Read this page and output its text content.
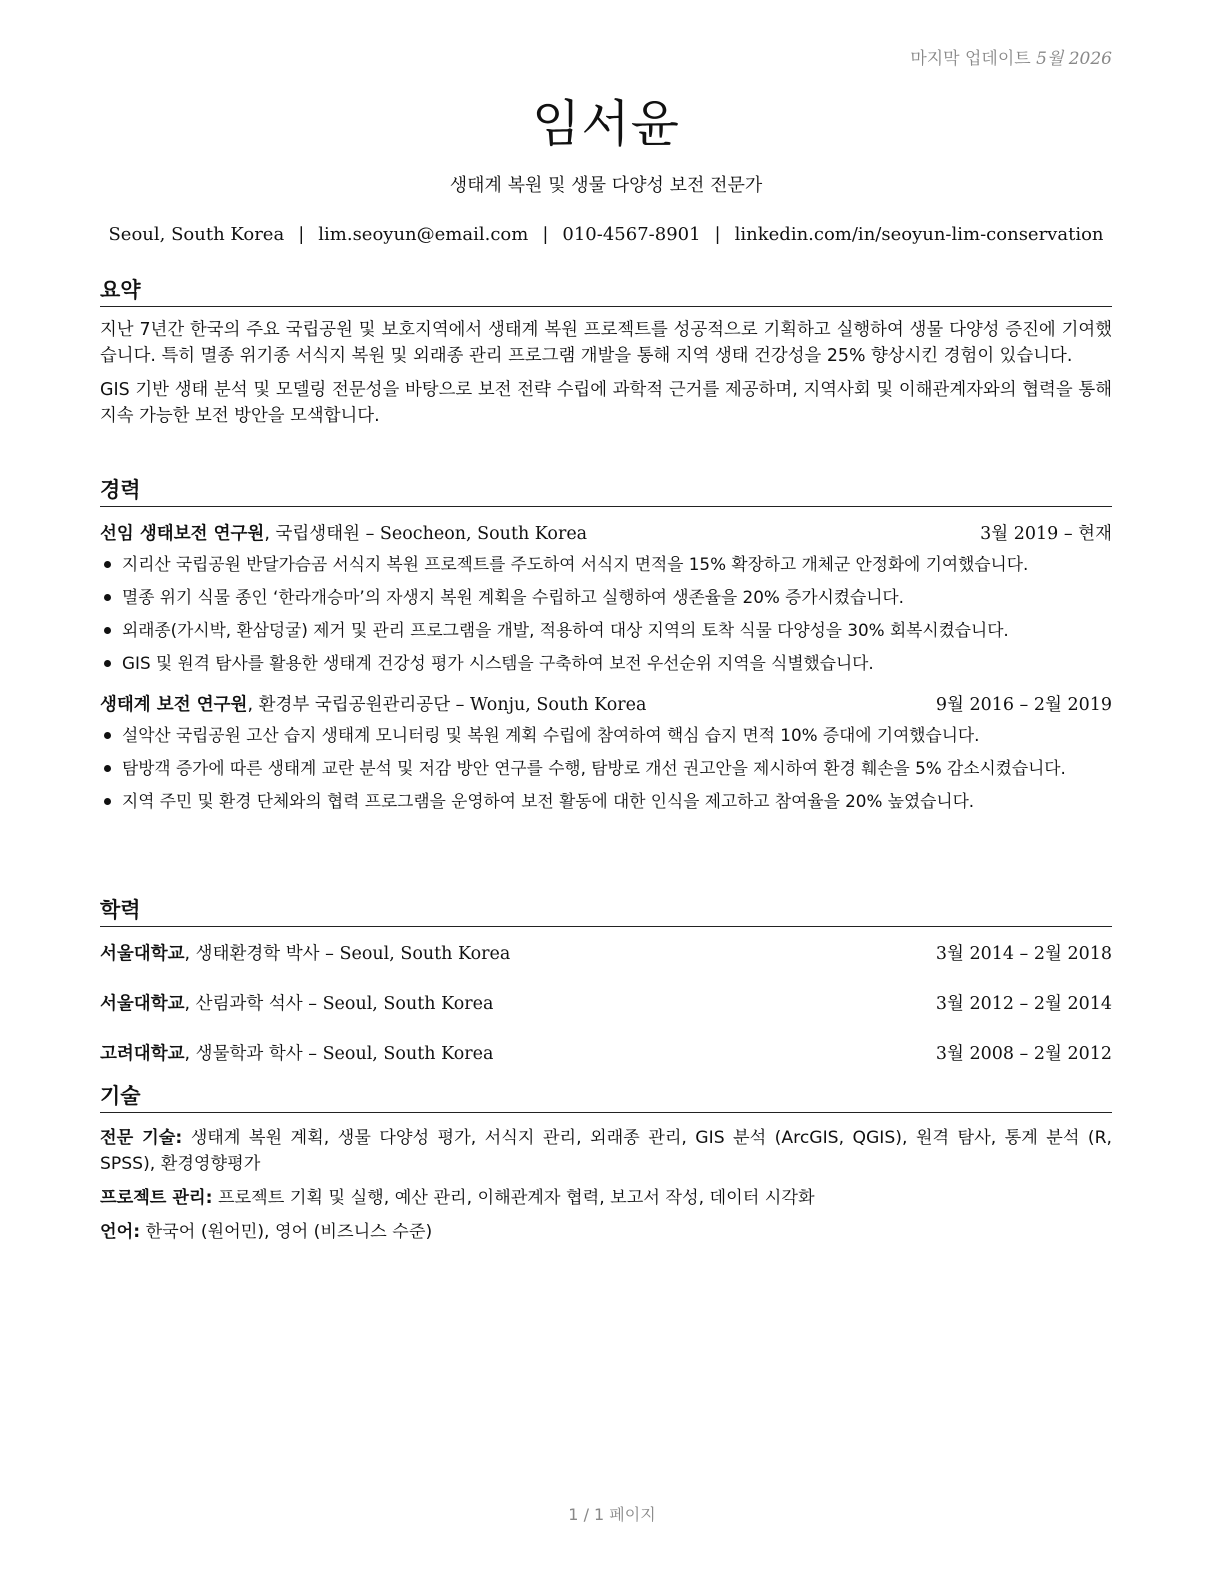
마지막 업데이트 5월 2026
임서윤
생태계 복원 및 생물 다양성 보전 전문가
Seoul, South Korea | lim.seoyun@email.com | 010-4567-8901 | linkedin.com/in/seoyun-lim-conservation
요약
지난 7년간 한국의 주요 국립공원 및 보호지역에서 생태계 복원 프로젝트를 성공적으로 기획하고 실행하여 생물 다양성 증진에 기여했습니다. 특히 멸종 위기종 서식지 복원 및 외래종 관리 프로그램 개발을 통해 지역 생태 건강성을 25% 향상시킨 경험이 있습니다.
GIS 기반 생태 분석 및 모델링 전문성을 바탕으로 보전 전략 수립에 과학적 근거를 제공하며, 지역사회 및 이해관계자와의 협력을 통해 지속 가능한 보전 방안을 모색합니다.
경력
선임 생태보전 연구원, 국립생태원 – Seocheon, South Korea	3월 2019 – 현재
지리산 국립공원 반달가슴곰 서식지 복원 프로젝트를 주도하여 서식지 면적을 15% 확장하고 개체군 안정화에 기여했습니다.
멸종 위기 식물 종인 ‘한라개승마’의 자생지 복원 계획을 수립하고 실행하여 생존율을 20% 증가시켰습니다.
외래종(가시박, 환삼덩굴) 제거 및 관리 프로그램을 개발, 적용하여 대상 지역의 토착 식물 다양성을 30% 회복시켰습니다.
GIS 및 원격 탐사를 활용한 생태계 건강성 평가 시스템을 구축하여 보전 우선순위 지역을 식별했습니다.
생태계 보전 연구원, 환경부 국립공원관리공단 – Wonju, South Korea	9월 2016 – 2월 2019
설악산 국립공원 고산 습지 생태계 모니터링 및 복원 계획 수립에 참여하여 핵심 습지 면적 10% 증대에 기여했습니다.
탐방객 증가에 따른 생태계 교란 분석 및 저감 방안 연구를 수행, 탐방로 개선 권고안을 제시하여 환경 훼손을 5% 감소시켰습니다.
지역 주민 및 환경 단체와의 협력 프로그램을 운영하여 보전 활동에 대한 인식을 제고하고 참여율을 20% 높였습니다.
학력
서울대학교, 생태환경학 박사 – Seoul, South Korea	3월 2014 – 2월 2018
서울대학교, 산림과학 석사 – Seoul, South Korea	3월 2012 – 2월 2014
고려대학교, 생물학과 학사 – Seoul, South Korea	3월 2008 – 2월 2012
기술
전문 기술: 생태계 복원 계획, 생물 다양성 평가, 서식지 관리, 외래종 관리, GIS 분석 (ArcGIS, QGIS), 원격 탐사, 통계 분석 (R, SPSS), 환경영향평가
프로젝트 관리: 프로젝트 기획 및 실행, 예산 관리, 이해관계자 협력, 보고서 작성, 데이터 시각화
언어: 한국어 (원어민), 영어 (비즈니스 수준)
1 / 1 페이지
